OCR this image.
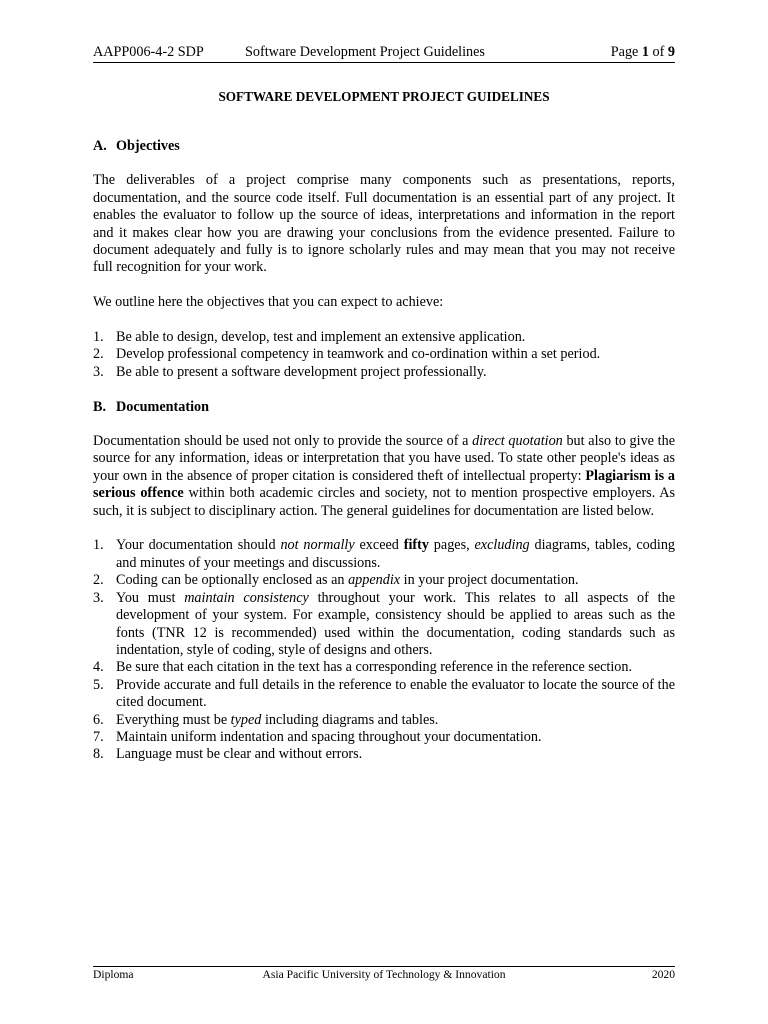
AAPP006-4-2 SDP	Software Development Project Guidelines	Page 1 of 9
SOFTWARE DEVELOPMENT PROJECT GUIDELINES
A. Objectives

The deliverables of a project comprise many components such as presentations, reports, documentation, and the source code itself. Full documentation is an essential part of any project. It enables the evaluator to follow up the source of ideas, interpretations and information in the report and it makes clear how you are drawing your conclusions from the evidence presented. Failure to document adequately and fully is to ignore scholarly rules and may mean that you may not receive full recognition for your work.

We outline here the objectives that you can expect to achieve:

1. Be able to design, develop, test and implement an extensive application.
2. Develop professional competency in teamwork and co-ordination within a set period.
3. Be able to present a software development project professionally.
B. Documentation

Documentation should be used not only to provide the source of a direct quotation but also to give the source for any information, ideas or interpretation that you have used. To state other people's ideas as your own in the absence of proper citation is considered theft of intellectual property: Plagiarism is a serious offence within both academic circles and society, not to mention prospective employers. As such, it is subject to disciplinary action. The general guidelines for documentation are listed below.

1. Your documentation should not normally exceed fifty pages, excluding diagrams, tables, coding and minutes of your meetings and discussions.
2. Coding can be optionally enclosed as an appendix in your project documentation.
3. You must maintain consistency throughout your work. This relates to all aspects of the development of your system. For example, consistency should be applied to areas such as the fonts (TNR 12 is recommended) used within the documentation, coding standards such as indentation, style of coding, style of designs and others.
4. Be sure that each citation in the text has a corresponding reference in the reference section.
5. Provide accurate and full details in the reference to enable the evaluator to locate the source of the cited document.
6. Everything must be typed including diagrams and tables.
7. Maintain uniform indentation and spacing throughout your documentation.
8. Language must be clear and without errors.
Diploma	Asia Pacific University of Technology & Innovation	2020
